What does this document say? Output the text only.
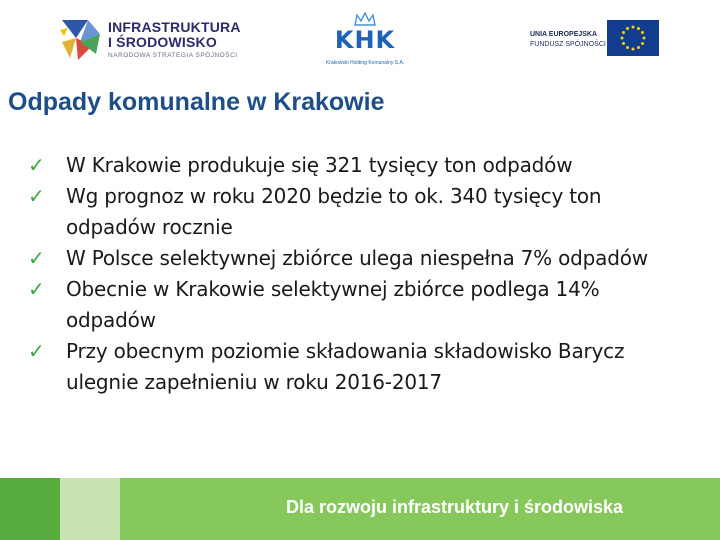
INFRASTRUKTURA
I ŚRODOWISKO
NARODOWA STRATEGIA SPÓJNOŚCI
KHK
Krakowski Holding Komunalny S.A.
UNIA EUROPEJSKA
FUNDUSZ SPÓJNOŚCI
Odpady komunalne w Krakowie
✓ W Krakowie produkuje się 321 tysięcy ton odpadów
✓ Wg prognoz w roku 2020 będzie to ok. 340 tysięcy ton
odpadów rocznie
✓ W Polsce selektywnej zbiórce ulega niespełna 7% odpadów
✓ Obecnie w Krakowie selektywnej zbiórce podlega 14%
odpadów
✓ Przy obecnym poziomie składowania składowisko Barycz
ulegnie zapełnieniu w roku 2016-2017
Dla rozwoju infrastruktury i środowiska
